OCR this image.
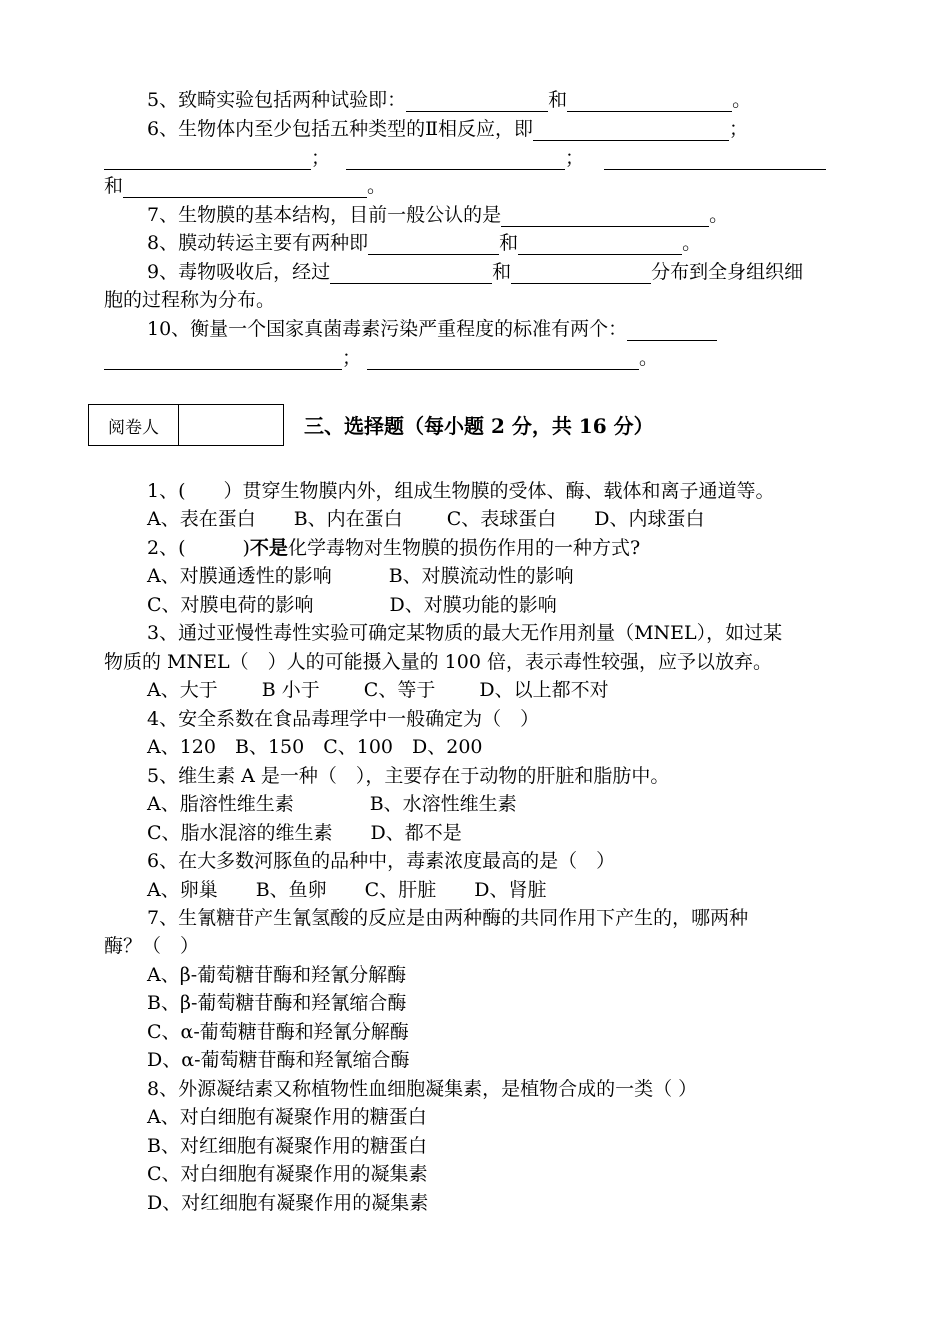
5、致畸实验包括两种试验即：	和	。
6、生物体内至少包括五种类型的Ⅱ相反应，即	；
；	；
和	。
7、生物膜的基本结构，目前一般公认的是	。
8、膜动转运主要有两种即	和	。
9、毒物吸收后，经过	和	分布到全身组织细
胞的过程称为分布。
10、衡量一个国家真菌毒素污染严重程度的标准有两个：
；	。
阅卷人	三、选择题（每小题 2 分，共 16 分）
1、(　　）贯穿生物膜内外，组成生物膜的受体、酶、载体和离子通道等。
A、表在蛋白　　B、内在蛋白　　 C、表球蛋白　　D、内球蛋白
2、(　　　)不是化学毒物对生物膜的损伤作用的一种方式?
A、对膜通透性的影响　　　B、对膜流动性的影响
C、对膜电荷的影响　　　　D、对膜功能的影响
3、通过亚慢性毒性实验可确定某物质的最大无作用剂量（MNEL），如过某
物质的 MNEL（　）人的可能摄入量的 100 倍，表示毒性较强，应予以放弃。
A、大于　　 B 小于　　 C、等于　　 D、以上都不对
4、安全系数在食品毒理学中一般确定为（　）
A、120　B、150　C、100　D、200
5、维生素 A 是一种（　），主要存在于动物的肝脏和脂肪中。
A、脂溶性维生素　　　　B、水溶性维生素
C、脂水混溶的维生素　　D、都不是
6、在大多数河豚鱼的品种中，毒素浓度最高的是（　）
A、卵巢　　B、鱼卵　　C、肝脏　　D、肾脏
7、生氰糖苷产生氰氢酸的反应是由两种酶的共同作用下产生的，哪两种
酶？（　）
A、β-葡萄糖苷酶和羟氰分解酶
B、β-葡萄糖苷酶和羟氰缩合酶
C、α-葡萄糖苷酶和羟氰分解酶
D、α-葡萄糖苷酶和羟氰缩合酶
8、外源凝结素又称植物性血细胞凝集素，是植物合成的一类（ ）
A、对白细胞有凝聚作用的糖蛋白
B、对红细胞有凝聚作用的糖蛋白
C、对白细胞有凝聚作用的凝集素
D、对红细胞有凝聚作用的凝集素
